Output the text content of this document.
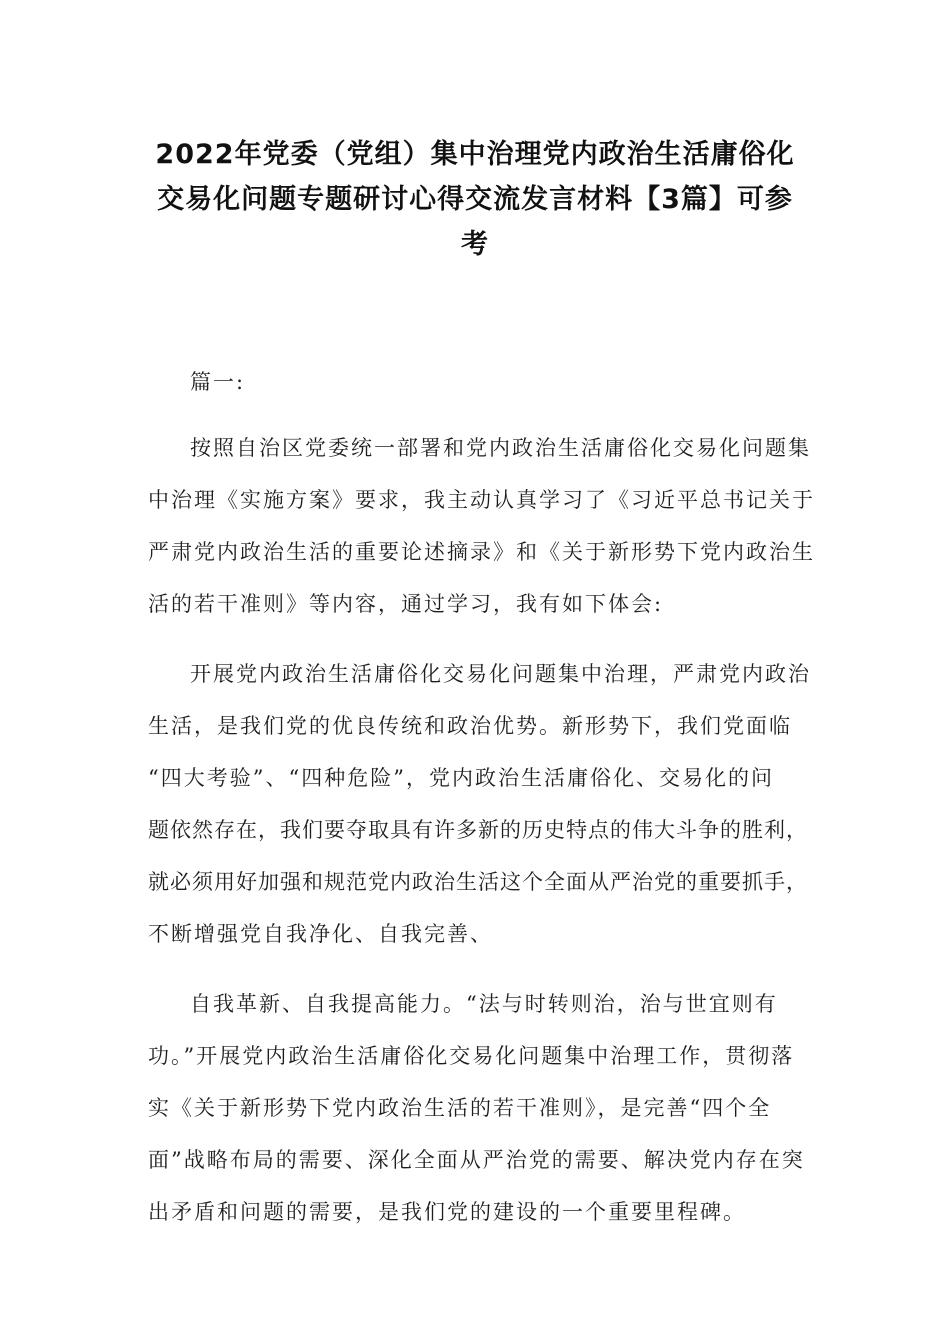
2022年党委（党组）集中治理党内政治生活庸俗化
交易化问题专题研讨心得交流发言材料【3篇】可参
考
篇一:
按照自治区党委统一部署和党内政治生活庸俗化交易化问题集
中治理《实施方案》要求，我主动认真学习了《习近平总书记关于
严肃党内政治生活的重要论述摘录》和《关于新形势下党内政治生
活的若干准则》等内容，通过学习，我有如下体会:
开展党内政治生活庸俗化交易化问题集中治理，严肃党内政治
生活，是我们党的优良传统和政治优势。新形势下，我们党面临
“四大考验”、“四种危险”，党内政治生活庸俗化、交易化的问
题依然存在，我们要夺取具有许多新的历史特点的伟大斗争的胜利，
就必须用好加强和规范党内政治生活这个全面从严治党的重要抓手，
不断增强党自我净化、自我完善、
自我革新、自我提高能力。“法与时转则治，治与世宜则有
功。”开展党内政治生活庸俗化交易化问题集中治理工作，贯彻落
实《关于新形势下党内政治生活的若干准则》，是完善“四个全
面”战略布局的需要、深化全面从严治党的需要、解决党内存在突
出矛盾和问题的需要，是我们党的建设的一个重要里程碑。
